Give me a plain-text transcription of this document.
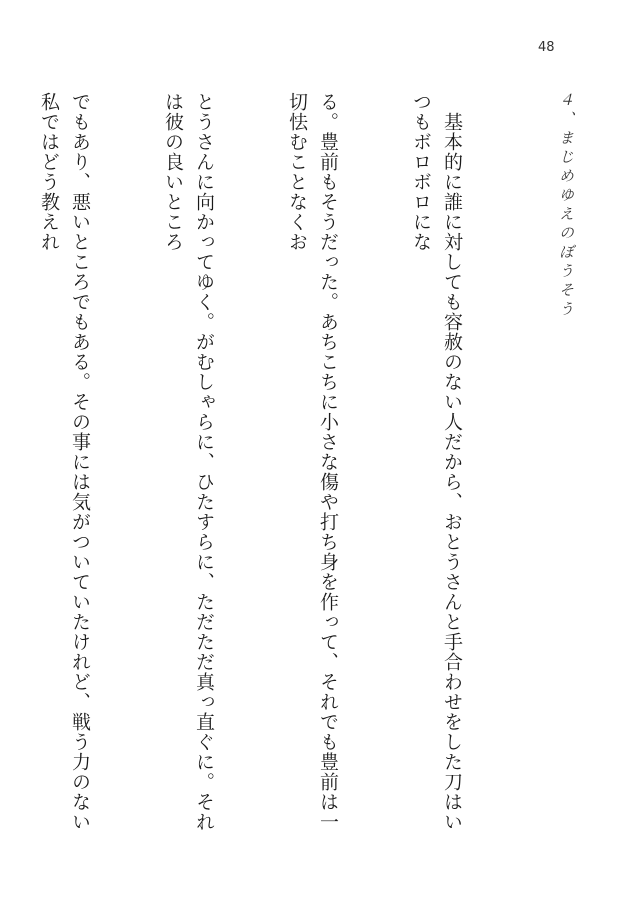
48
４、まじめゆえのぼうそう

　基本的に誰に対しても容赦のない人だから、おとうさんと手合わせをした刀はいつもボロボロにな

る。豊前もそうだった。あちこちに小さな傷や打ち身を作って、それでも豊前は一切怯むことなくお

とうさんに向かってゆく。がむしゃらに、ひたすらに、ただただ真っ直ぐに。それは彼の良いところ

でもあり、悪いところでもある。その事には気がついていたけれど、戦う力のない私ではどう教えれ
